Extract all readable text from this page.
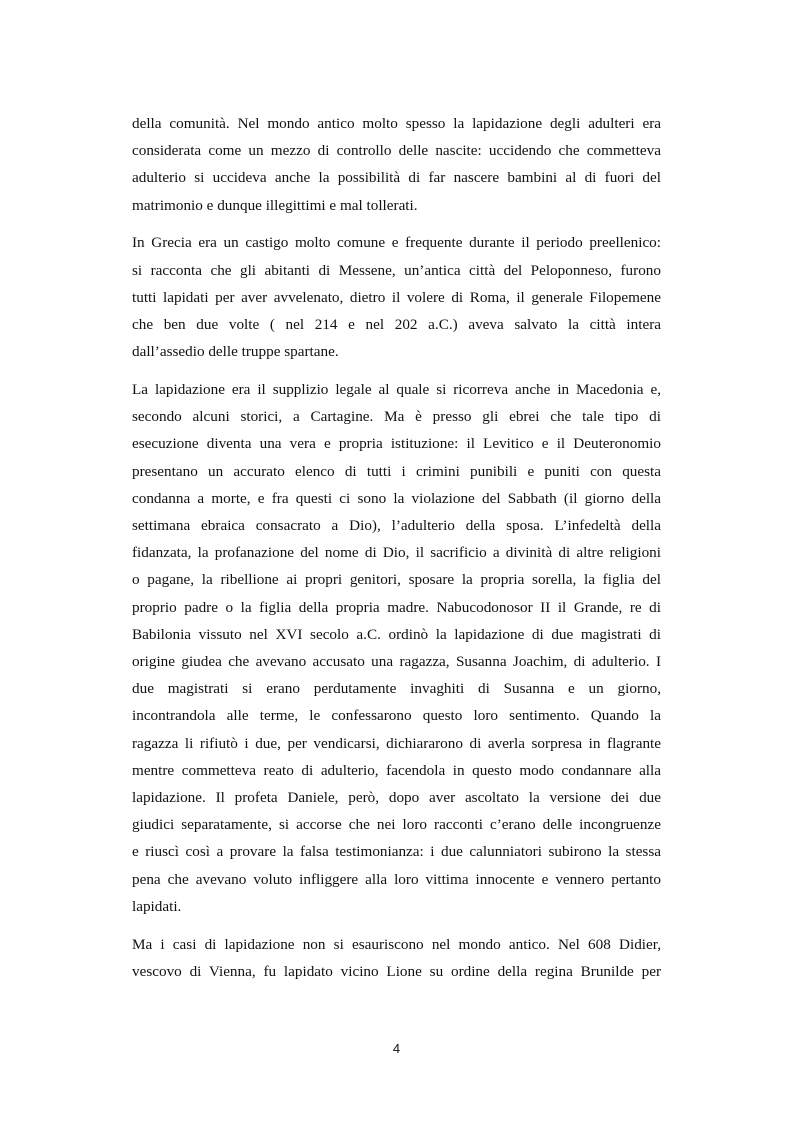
della comunità. Nel mondo antico molto spesso la lapidazione degli adulteri era
considerata come un mezzo di controllo delle nascite: uccidendo che commetteva
adulterio si uccideva anche la possibilità di far nascere bambini al di fuori del
matrimonio e dunque illegittimi e mal tollerati.

In Grecia era un castigo molto comune e frequente durante il periodo preellenico:
si racconta che gli abitanti di Messene, un’antica città del Peloponneso, furono
tutti lapidati per aver avvelenato, dietro il volere di Roma, il generale Filopemene
che ben due volte ( nel 214 e nel 202 a.C.) aveva salvato la città intera
dall’assedio delle truppe spartane.

La lapidazione era il supplizio legale al quale si ricorreva anche in Macedonia e,
secondo alcuni storici, a Cartagine. Ma è presso gli ebrei che tale tipo di
esecuzione diventa una vera e propria istituzione: il Levitico e il Deuteronomio
presentano un accurato elenco di tutti i crimini punibili e puniti con questa
condanna a morte, e fra questi ci sono la violazione del Sabbath (il giorno della
settimana ebraica consacrato a Dio), l’adulterio della sposa. L’infedeltà della
fidanzata, la profanazione del nome di Dio, il sacrificio a divinità di altre religioni
o pagane, la ribellione ai propri genitori, sposare la propria sorella, la figlia del
proprio padre o la figlia della propria madre. Nabucodonosor II il Grande, re di
Babilonia vissuto nel XVI secolo a.C. ordinò la lapidazione di due magistrati di
origine giudea che avevano accusato una ragazza, Susanna Joachim, di adulterio. I
due magistrati si erano perdutamente invaghiti di Susanna e un giorno,
incontrandola alle terme, le confessarono questo loro sentimento. Quando la
ragazza li rifiutò i due, per vendicarsi, dichiararono di averla sorpresa in flagrante
mentre commetteva reato di adulterio, facendola in questo modo condannare alla
lapidazione. Il profeta Daniele, però, dopo aver ascoltato la versione dei due
giudici separatamente, si accorse che nei loro racconti c’erano delle incongruenze
e riuscì così a provare la falsa testimonianza: i due calunniatori subirono la stessa
pena che avevano voluto infliggere alla loro vittima innocente e vennero pertanto
lapidati.

Ma i casi di lapidazione non si esauriscono nel mondo antico. Nel 608 Didier,
vescovo di Vienna, fu lapidato vicino Lione su ordine della regina Brunilde per

4
